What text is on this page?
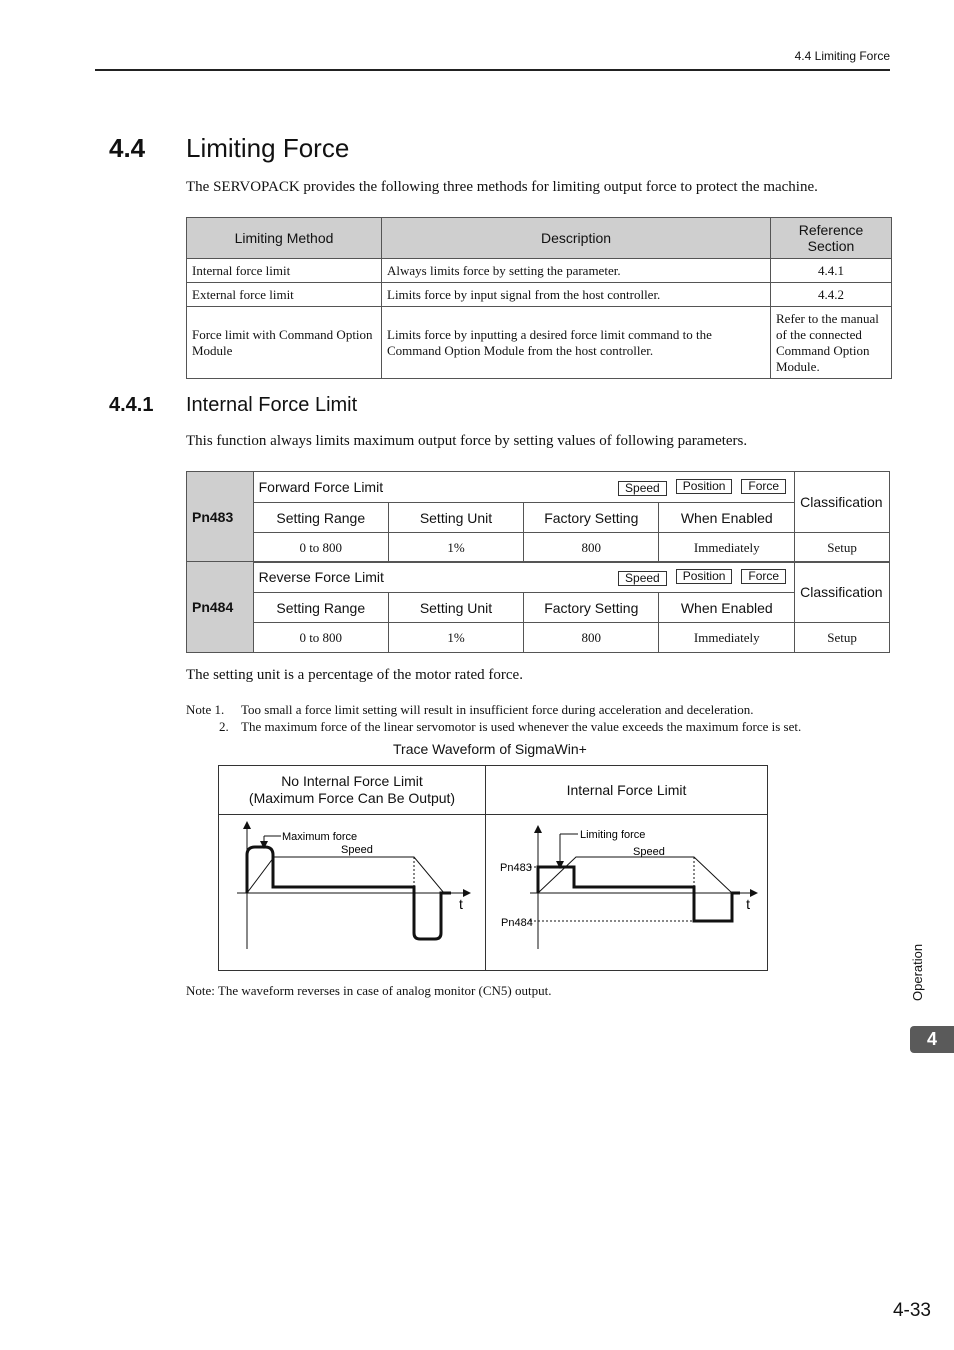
4.4 Limiting Force
4.4 Limiting Force
The SERVOPACK provides the following three methods for limiting output force to protect the machine.
Limiting Method	Description	Reference
Section
Internal force limit	Always limits force by setting the parameter.	4.4.1
External force limit	Limits force by input signal from the host controller.	4.4.2
Force limit with Command Option Module	Limits force by inputting a desired force limit command to the Command Option Module from the host controller.	Refer to the manual of the connected Command Option Module.
4.4.1 Internal Force Limit
This function always limits maximum output force by setting values of following parameters.
Pn483	Forward Force Limit Speed Position Force				Classification
	Setting Range	Setting Unit	Factory Setting	When Enabled	
	0 to 800	1%	800	Immediately	Setup
Pn484	Reverse Force Limit Speed Position Force				Classification
	Setting Range	Setting Unit	Factory Setting	When Enabled	
	0 to 800	1%	800	Immediately	Setup
The setting unit is a percentage of the motor rated force.
Note 1. Too small a force limit setting will result in insufficient force during acceleration and deceleration.
2. The maximum force of the linear servomotor is used whenever the value exceeds the maximum force is set.
Trace Waveform of SigmaWin+
No Internal Force Limit
(Maximum Force Can Be Output)
Internal Force Limit
Maximum force
Speed
t
Limiting force
Speed
Pn483
Pn484
t
Note: The waveform reverses in case of analog monitor (CN5) output.	Operation
4
4-33
